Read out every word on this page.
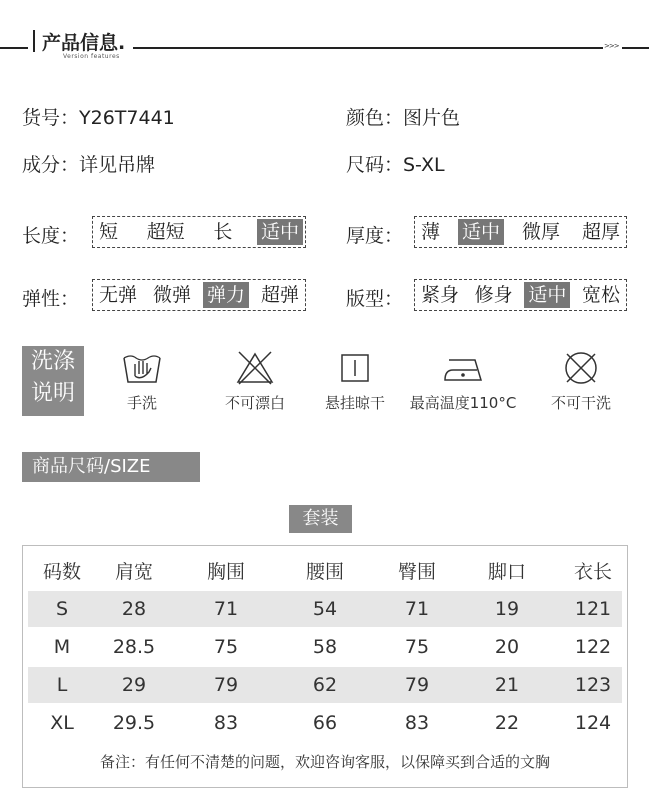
产品信息.
Version features
>>>
货号：Y26T7441	颜色：图片色
成分：详见吊牌	尺码：S-XL
长度： 短 超短 长 适中 厚度： 薄 适中 微厚 超厚
弹性： 无弹 微弹 弹力 超弹 版型： 紧身 修身 适中 宽松
洗涤
说明	手洗	不可漂白	悬挂晾干	最高温度110°C	不可干洗
商品尺码/SIZE
套装
备注：有任何不清楚的问题，欢迎咨询客服，以保障买到合适的文胸
码数	肩宽	胸围	腰围	臀围	脚口	衣长
S	28	71	54	71	19	121
M	28.5	75	58	75	20	122
L	29	79	62	79	21	123
XL	29.5	83	66	83	22	124
